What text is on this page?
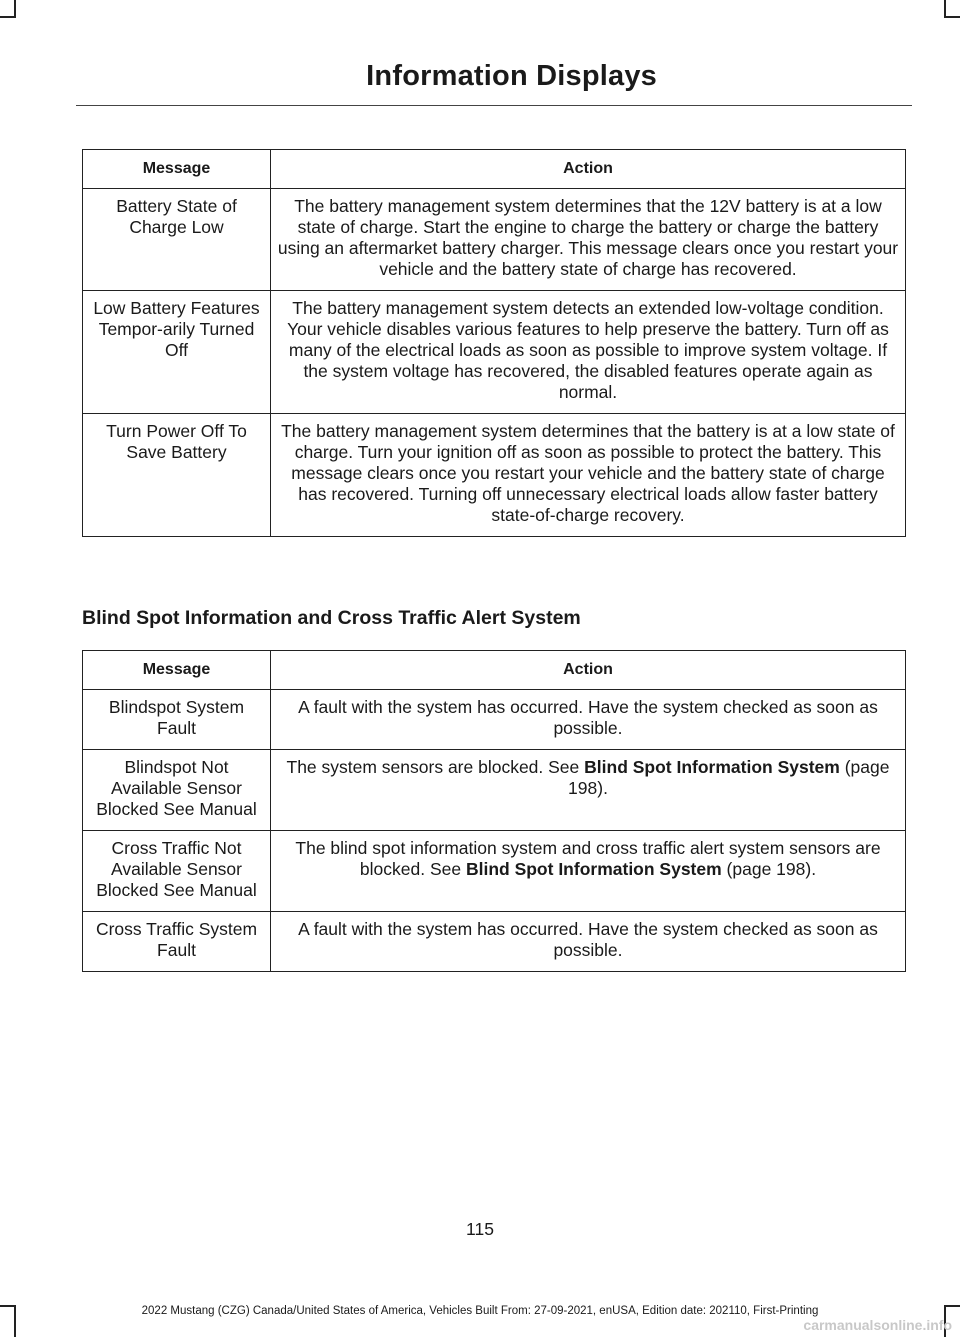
Information Displays
Message	Action
Battery State of Charge Low	The battery management system determines that the 12V battery is at a low state of charge. Start the engine to charge the battery or charge the battery using an aftermarket battery charger. This message clears once you restart your vehicle and the battery state of charge has recovered.
Low Battery Features Tempor-arily Turned Off	The battery management system detects an extended low-voltage condition. Your vehicle disables various features to help preserve the battery. Turn off as many of the electrical loads as soon as possible to improve system voltage. If the system voltage has recovered, the disabled features operate again as normal.
Turn Power Off To Save Battery	The battery management system determines that the battery is at a low state of charge. Turn your ignition off as soon as possible to protect the battery. This message clears once you restart your vehicle and the battery state of charge has recovered. Turning off unnecessary electrical loads allow faster battery state-of-charge recovery.
Blind Spot Information and Cross Traffic Alert System
Message	Action
Blindspot System Fault	A fault with the system has occurred. Have the system checked as soon as possible.
Blindspot Not Available Sensor Blocked See Manual	The system sensors are blocked. See Blind Spot Information System (page 198).
Cross Traffic Not Available Sensor Blocked See Manual	The blind spot information system and cross traffic alert system sensors are blocked. See Blind Spot Information System (page 198).
Cross Traffic System Fault	A fault with the system has occurred. Have the system checked as soon as possible.
115
2022 Mustang (CZG) Canada/United States of America, Vehicles Built From: 27-09-2021, enUSA, Edition date: 202110, First-Printing
carmanualsonline.info
